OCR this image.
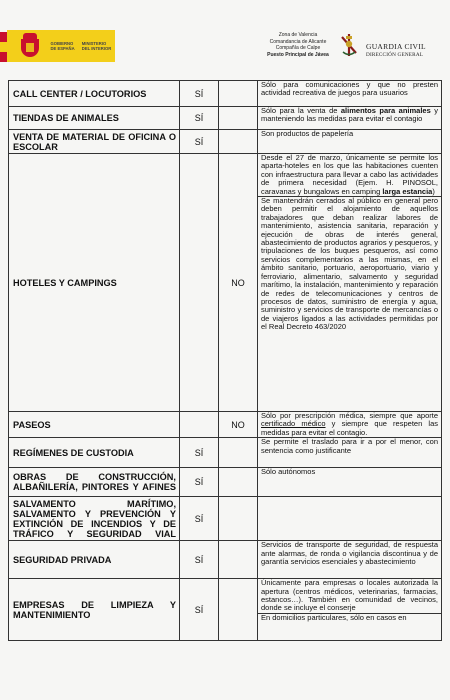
GOBIERNO
DE ESPAÑA
MINISTERIO
DEL INTERIOR
Zona de Valencia
Comandancia de Alicante
Compañía de Calpe
Puesto Principal de Jávea
GUARDIA CIVIL
DIRECCIÓN GENERAL
CALL CENTER / LOCUTORIOS	SÍ		Sólo para comunicaciones y que no presten actividad recreativa de juegos para usuarios

TIENDAS DE ANIMALES	SÍ		Sólo para la venta de alimentos para animales y manteniendo las medidas para evitar el contagio

VENTA DE MATERIAL DE OFICINA O ESCOLAR	SÍ		Son productos de papelería

HOTELES Y CAMPINGS		NO	Desde el 27 de marzo, únicamente se permite los aparta-hoteles en los que las habitaciones cuenten con infraestructura para llevar a cabo las actividades de primera necesidad (Ejem. H. PINOSOL, caravanas y bungalows en camping larga estancia)
Se mantendrán cerrados al público en general pero deben permitir el alojamiento de aquellos trabajadores que deban realizar labores de mantenimiento, asistencia sanitaria, reparación y ejecución de obras de interés general, abastecimiento de productos agrarios y pesqueros, y tripulaciones de los buques pesqueros, así como servicios complementarios a las mismas, en el ámbito sanitario, portuario, aeroportuario, viario y ferroviario, alimentario, salvamento y seguridad marítimo, la instalación, mantenimiento y reparación de redes de telecomunicaciones y centros de procesos de datos, suministro de energía y agua, suministro y servicios de transporte de mercancías o de viajeros ligados a las actividades permitidas por el Real Decreto 463/2020

PASEOS		NO	Sólo por prescripción médica, siempre que aporte certificado médico y siempre que respeten las medidas para evitar el contagio.

REGÍMENES DE CUSTODIA	SÍ		Se permite el traslado para ir a por el menor, con sentencia como justificante

OBRAS DE CONSTRUCCIÓN, ALBAÑILERÍA, PINTORES Y AFINES	SÍ		Sólo autónomos

SALVAMENTO MARÍTIMO, SALVAMENTO Y PREVENCIÓN Y EXTINCIÓN DE INCENDIOS Y DE TRÁFICO Y SEGURIDAD VIAL	SÍ		

SEGURIDAD PRIVADA	SÍ		Servicios de transporte de seguridad, de respuesta ante alarmas, de ronda o vigilancia discontinua y de garantía servicios esenciales y abastecimiento

EMPRESAS DE LIMPIEZA Y MANTENIMIENTO	SÍ		Únicamente para empresas o locales autorizada la apertura (centros médicos, veterinarias, farmacias, estancos…). También en comunidad de vecinos, donde se incluye el conserje
En domicilios particulares, sólo en casos en
